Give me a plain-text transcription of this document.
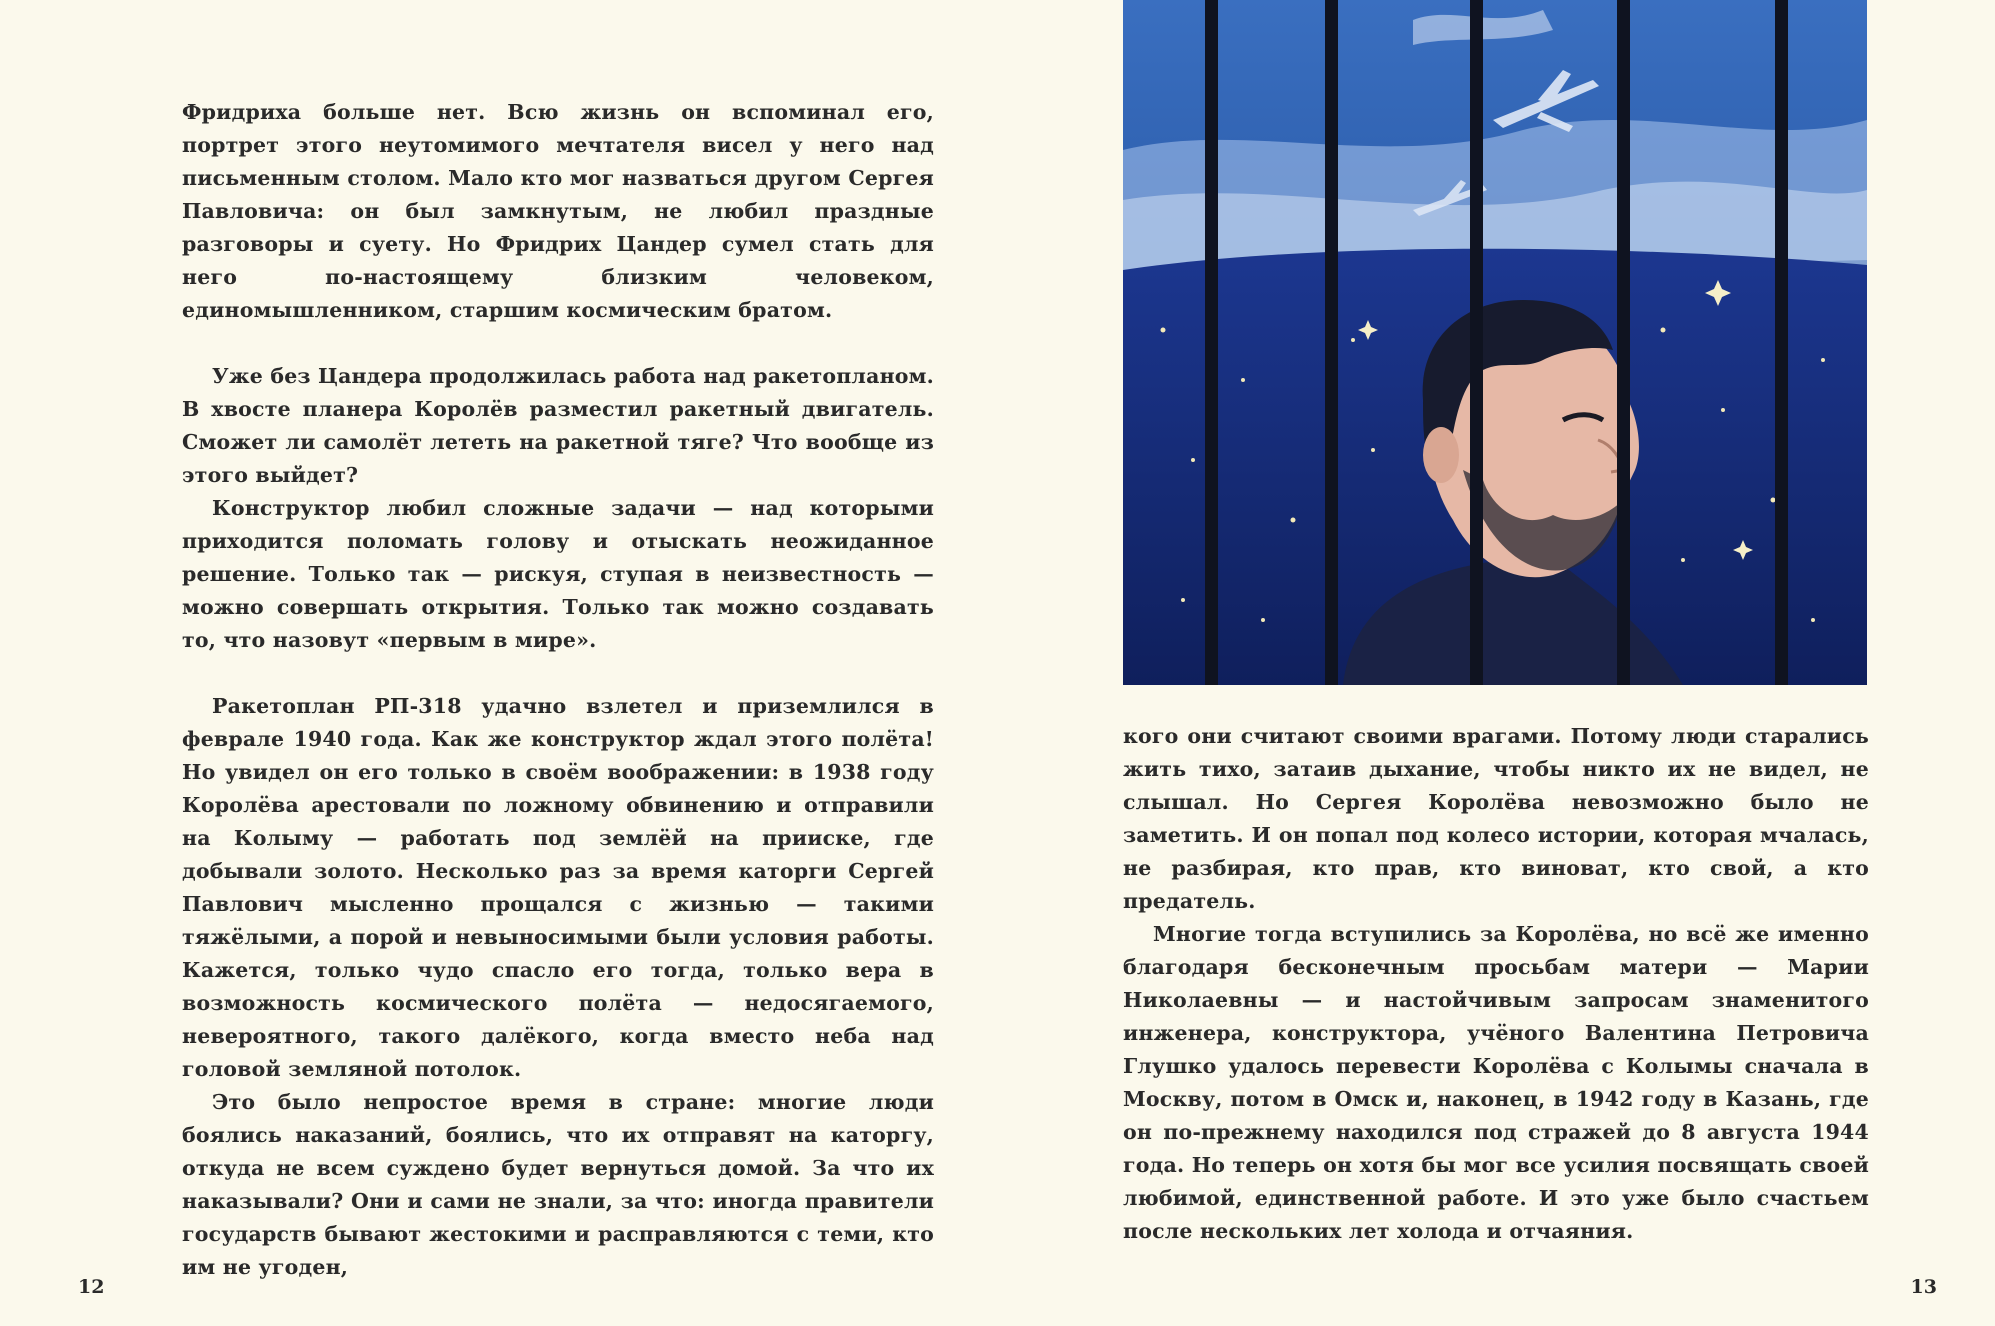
Фридриха больше нет. Всю жизнь он вспоминал его, портрет этого неутомимого мечтателя висел у него над письменным столом. Мало кто мог назваться другом Сергея Павловича: он был замкнутым, не любил праздные разговоры и суету. Но Фридрих Цандер сумел стать для него по-настоящему близким человеком, единомышленником, старшим космическим братом.

Уже без Цандера продолжилась работа над ракетопланом. В хвосте планера Королёв разместил ракетный двигатель. Сможет ли самолёт лететь на ракетной тяге? Что вообще из этого выйдет?

Конструктор любил сложные задачи — над которыми приходится поломать голову и отыскать неожиданное решение. Только так — рискуя, ступая в неизвестность — можно совершать открытия. Только так можно создавать то, что назовут «первым в мире».

Ракетоплан РП-318 удачно взлетел и приземлился в феврале 1940 года. Как же конструктор ждал этого полёта! Но увидел он его только в своём воображении: в 1938 году Королёва арестовали по ложному обвинению и отправили на Колыму — работать под землёй на прииске, где добывали золото. Несколько раз за время каторги Сергей Павлович мысленно прощался с жизнью — такими тяжёлыми, а порой и невыносимыми были условия работы. Кажется, только чудо спасло его тогда, только вера в возможность космического полёта — недосягаемого, невероятного, такого далёкого, когда вместо неба над головой земляной потолок.

Это было непростое время в стране: многие люди боялись наказаний, боялись, что их отправят на каторгу, откуда не всем суждено будет вернуться домой. За что их наказывали? Они и сами не знали, за что: иногда правители государств бывают жестокими и расправляются с теми, кто им не угоден,

12

кого они считают своими врагами. Потому люди старались жить тихо, затаив дыхание, чтобы никто их не видел, не слышал. Но Сергея Королёва невозможно было не заметить. И он попал под колесо истории, которая мчалась, не разбирая, кто прав, кто виноват, кто свой, а кто предатель.

Многие тогда вступились за Королёва, но всё же именно благодаря бесконечным просьбам матери — Марии Николаевны — и настойчивым запросам знаменитого инженера, конструктора, учёного Валентина Петровича Глушко удалось перевести Королёва с Колымы сначала в Москву, потом в Омск и, наконец, в 1942 году в Казань, где он по-прежнему находился под стражей до 8 августа 1944 года. Но теперь он хотя бы мог все усилия посвящать своей любимой, единственной работе. И это уже было счастьем после нескольких лет холода и отчаяния.

13
